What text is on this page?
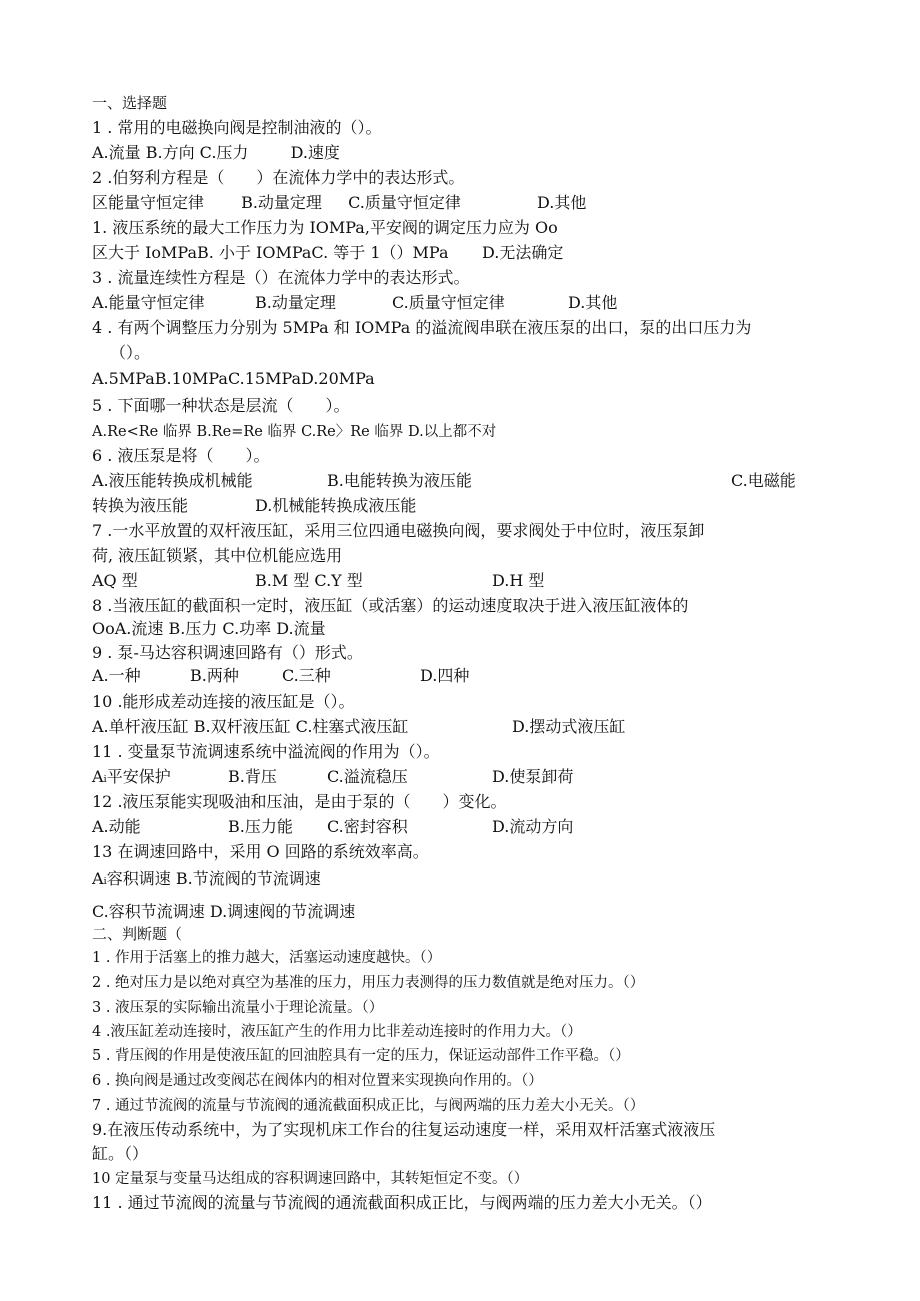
一、选择题
1 . 常用的电磁换向阀是控制油液的（）。
A.流量 B.方向 C.压力 　　 D.速度
2 .伯努利方程是（　　）在流体力学中的表达形式。
区能量守恒定律 　　B.动量定理 　 C.质量守恒定律	D.其他
1. 液压系统的最大工作压力为 IOMPa,平安阀的调定压力应为 Oo
区大于 IoMPaB. 小于 IOMPaC. 等于 1（）MPa D.无法确定
3 . 流量连续性方程是（）在流体力学中的表达形式。
A.能量守恒定律	B.动量定理	C.质量守恒定律	D.其他
4 . 有两个调整压力分别为 5MPa 和 IOMPa 的溢流阀串联在液压泵的出口，泵的出口压力为
（）。
A.5MPaB.10MPaC.15MPaD.20MPa
5 . 下面哪一种状态是层流（　　）。
A.Re<Re 临界 B.Re=Re 临界 C.Re〉Re 临界 D.以上都不对
6 . 液压泵是将（　　）。
A.液压能转换成机械能	B.电能转换为液压能	C.电磁能
转换为液压能	D.机械能转换成液压能
7 .一水平放置的双杆液压缸，采用三位四通电磁换向阀，要求阀处于中位时，液压泵卸
荷, 液压缸锁紧，其中位机能应选用
AQ 型	B.M 型 C.Y 型	D.H 型
8 .当液压缸的截面积一定时，液压缸（或活塞）的运动速度取决于进入液压缸液体的
OoA.流速 B.压力 C.功率 D.流量
9 . 泵-马达容积调速回路有（）形式。
A.一种	B.两种	C.三种	D.四种
10 .能形成差动连接的液压缸是（）。
A.单杆液压缸 B.双杆液压缸 C.柱塞式液压缸	D.摆动式液压缸
11 . 变量泵节流调速系统中溢流阀的作用为（）。
Aᵢ平安保护	B.背压	C.溢流稳压	D.使泵卸荷
12 .液压泵能实现吸油和压油，是由于泵的（　　）变化。
A.动能	B.压力能 C.密封容积	D.流动方向
13 在调速回路中，采用 O 回路的系统效率高。
Aᵢ容积调速 B.节流阀的节流调速
C.容积节流调速 D.调速阀的节流调速
二、判断题（
1 . 作用于活塞上的推力越大，活塞运动速度越快。（）
2 . 绝对压力是以绝对真空为基准的压力，用压力表测得的压力数值就是绝对压力。（）
3 . 液压泵的实际输出流量小于理论流量。（）
4 .液压缸差动连接时，液压缸产生的作用力比非差动连接时的作用力大。（）
5 . 背压阀的作用是使液压缸的回油腔具有一定的压力，保证运动部件工作平稳。（）
6 . 换向阀是通过改变阀芯在阀体内的相对位置来实现换向作用的。（）
7 . 通过节流阀的流量与节流阀的通流截面积成正比，与阀两端的压力差大小无关。（）
9.在液压传动系统中，为了实现机床工作台的往复运动速度一样，采用双杆活塞式液液压
缸。（）
10 定量泵与变量马达组成的容积调速回路中，其转矩恒定不变。（）
11 . 通过节流阀的流量与节流阀的通流截面积成正比，与阀两端的压力差大小无关。（）
